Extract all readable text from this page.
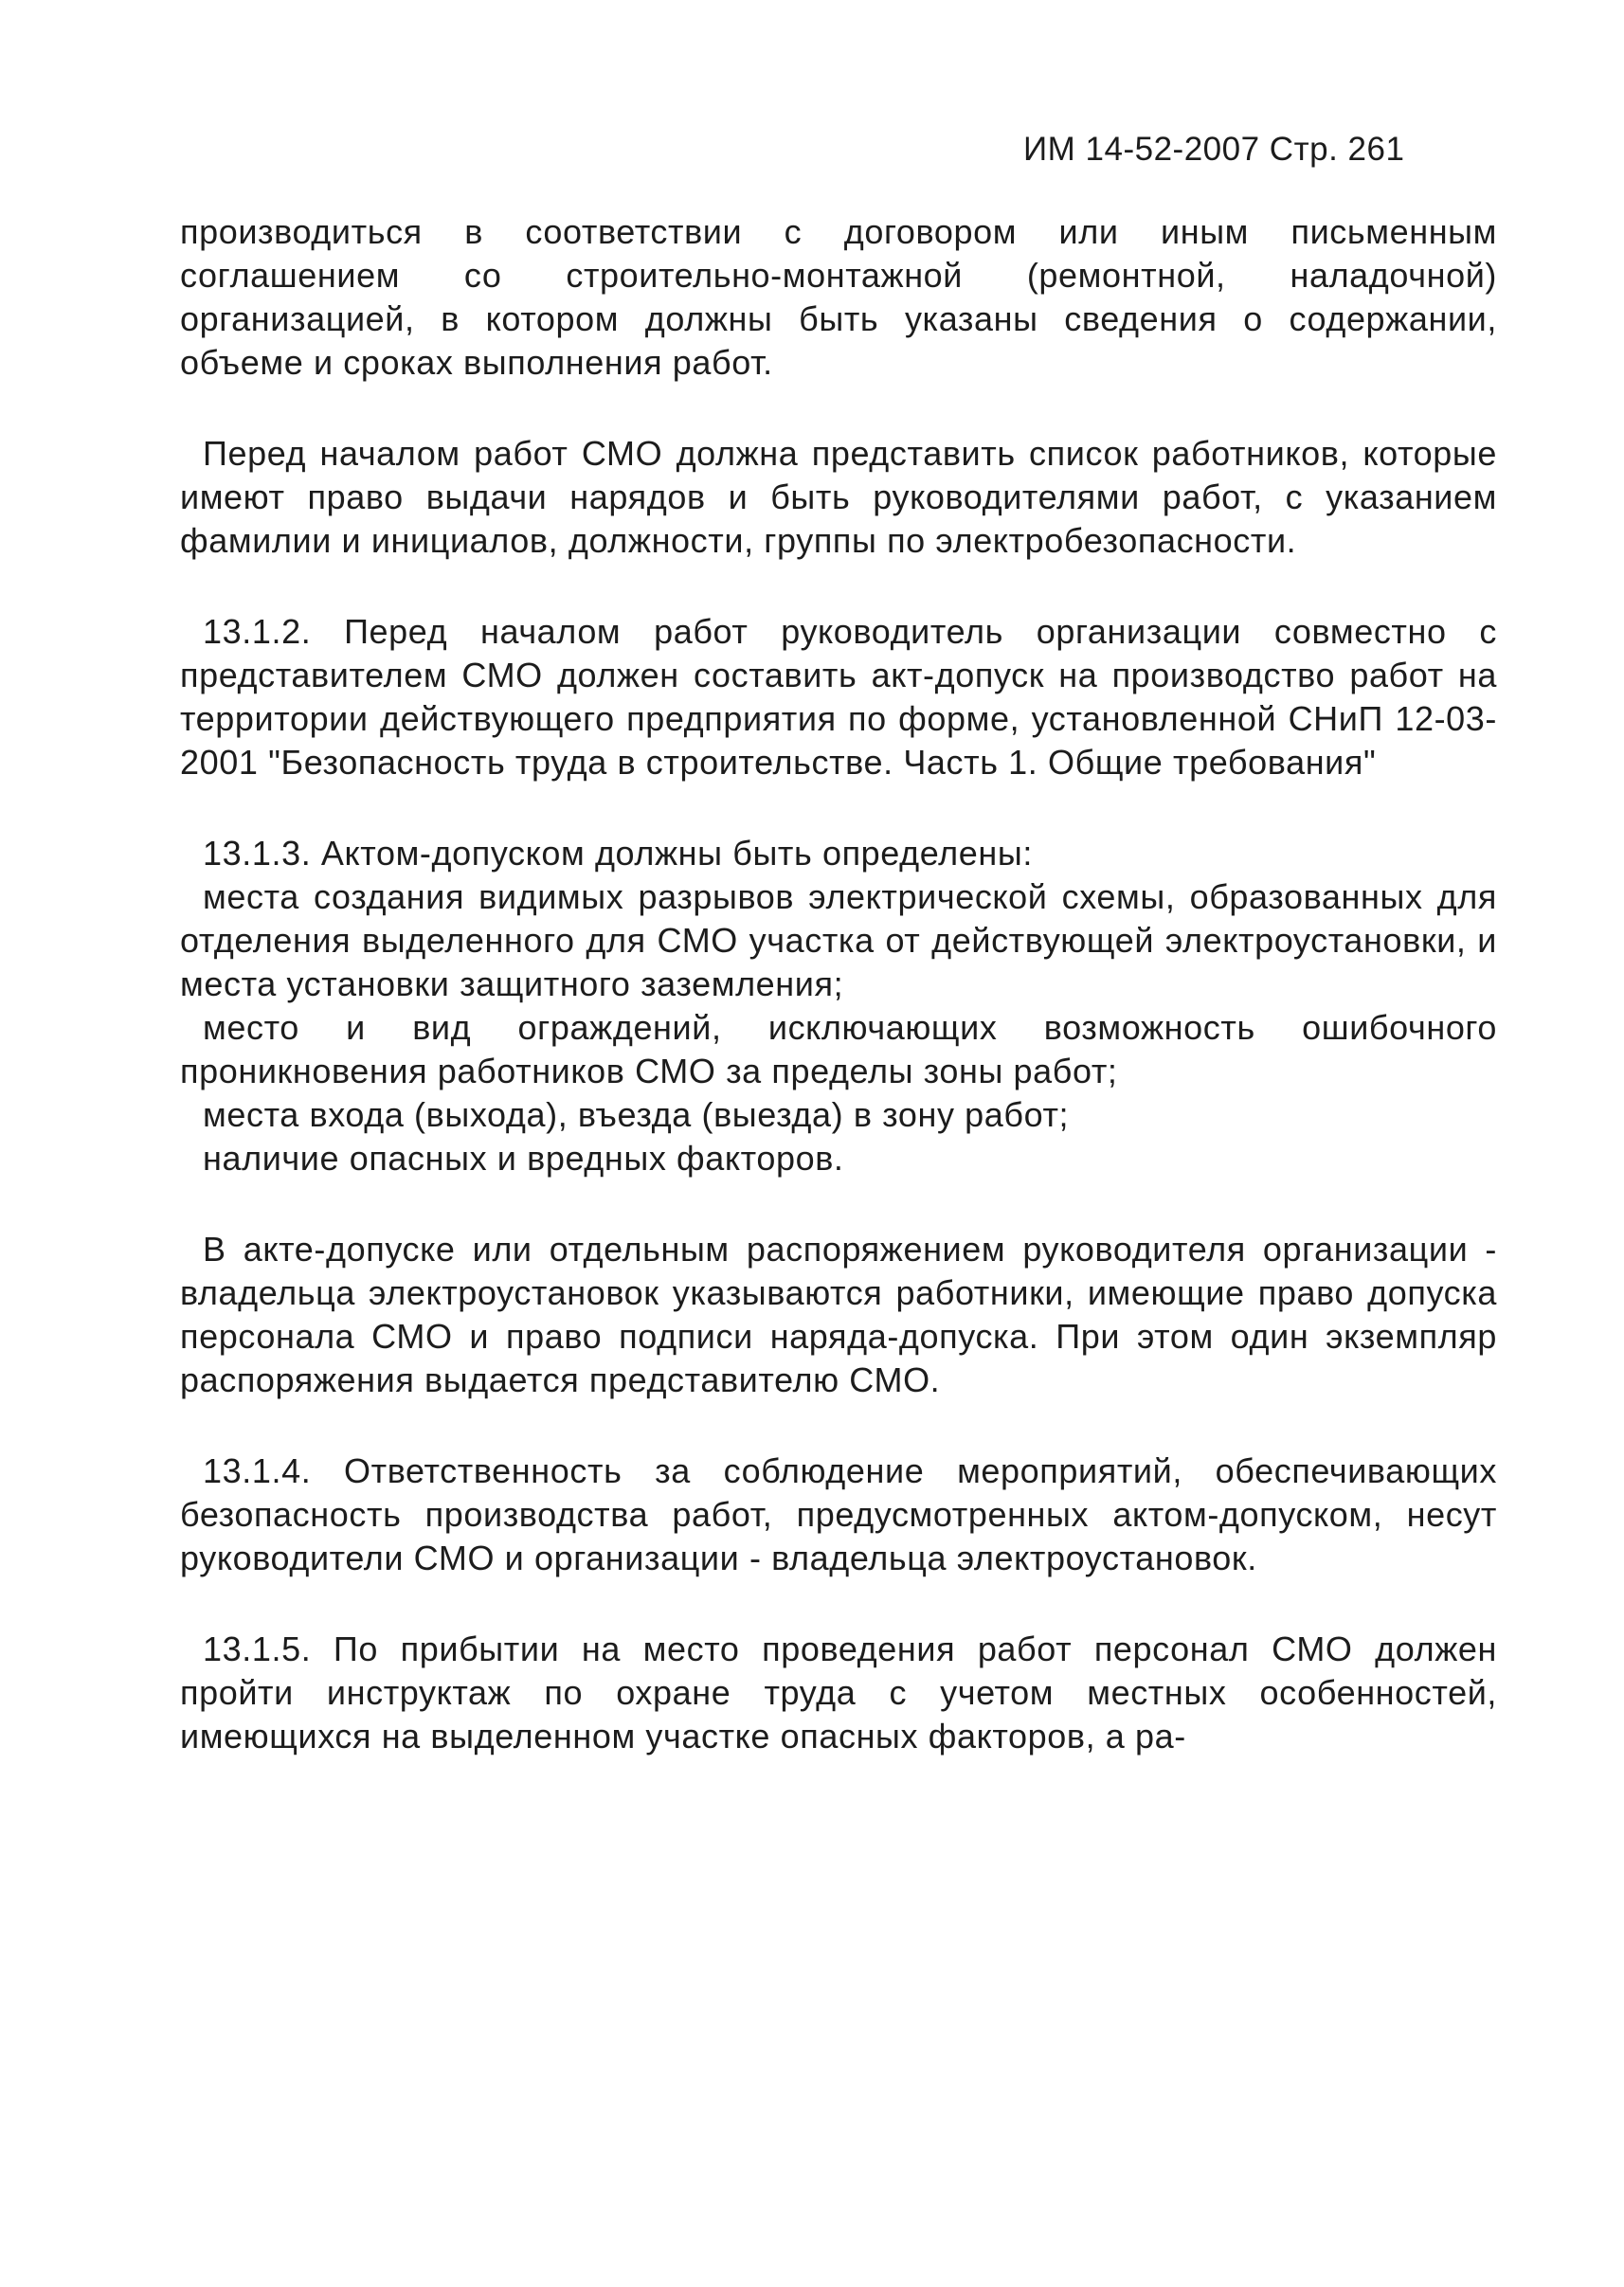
ИМ 14-52-2007 Стр. 261

производиться в соответствии с договором или иным письменным соглашением со строительно-монтажной (ремонтной, наладочной) организацией, в котором должны быть указаны сведения о содержании, объеме и сроках выполнения работ.

Перед началом работ СМО должна представить список работников, которые имеют право выдачи нарядов и быть руководителями работ, с указанием фамилии и инициалов, должности, группы по электробезопасности.

13.1.2. Перед началом работ руководитель организации совместно с представителем СМО должен составить акт-допуск на производство работ на территории действующего предприятия по форме, установленной СНиП 12-03-2001 "Безопасность труда в строительстве. Часть 1. Общие требования"

13.1.3. Актом-допуском должны быть определены:

места создания видимых разрывов электрической схемы, образованных для отделения выделенного для СМО участка от действующей электроустановки, и места установки защитного заземления;

место и вид ограждений, исключающих возможность ошибочного проникновения работников СМО за пределы зоны работ;

места входа (выхода), въезда (выезда) в зону работ;

наличие опасных и вредных факторов.

В акте-допуске или отдельным распоряжением руководителя организации - владельца электроустановок указываются работники, имеющие право допуска персонала СМО и право подписи наряда-допуска. При этом один экземпляр распоряжения выдается представителю СМО.

13.1.4. Ответственность за соблюдение мероприятий, обеспечивающих безопасность производства работ, предусмотренных актом-допуском, несут руководители СМО и организации - владельца электроустановок.

13.1.5. По прибытии на место проведения работ персонал СМО должен пройти инструктаж по охране труда с учетом местных особенностей, имеющихся на выделенном участке опасных факторов, а ра-
